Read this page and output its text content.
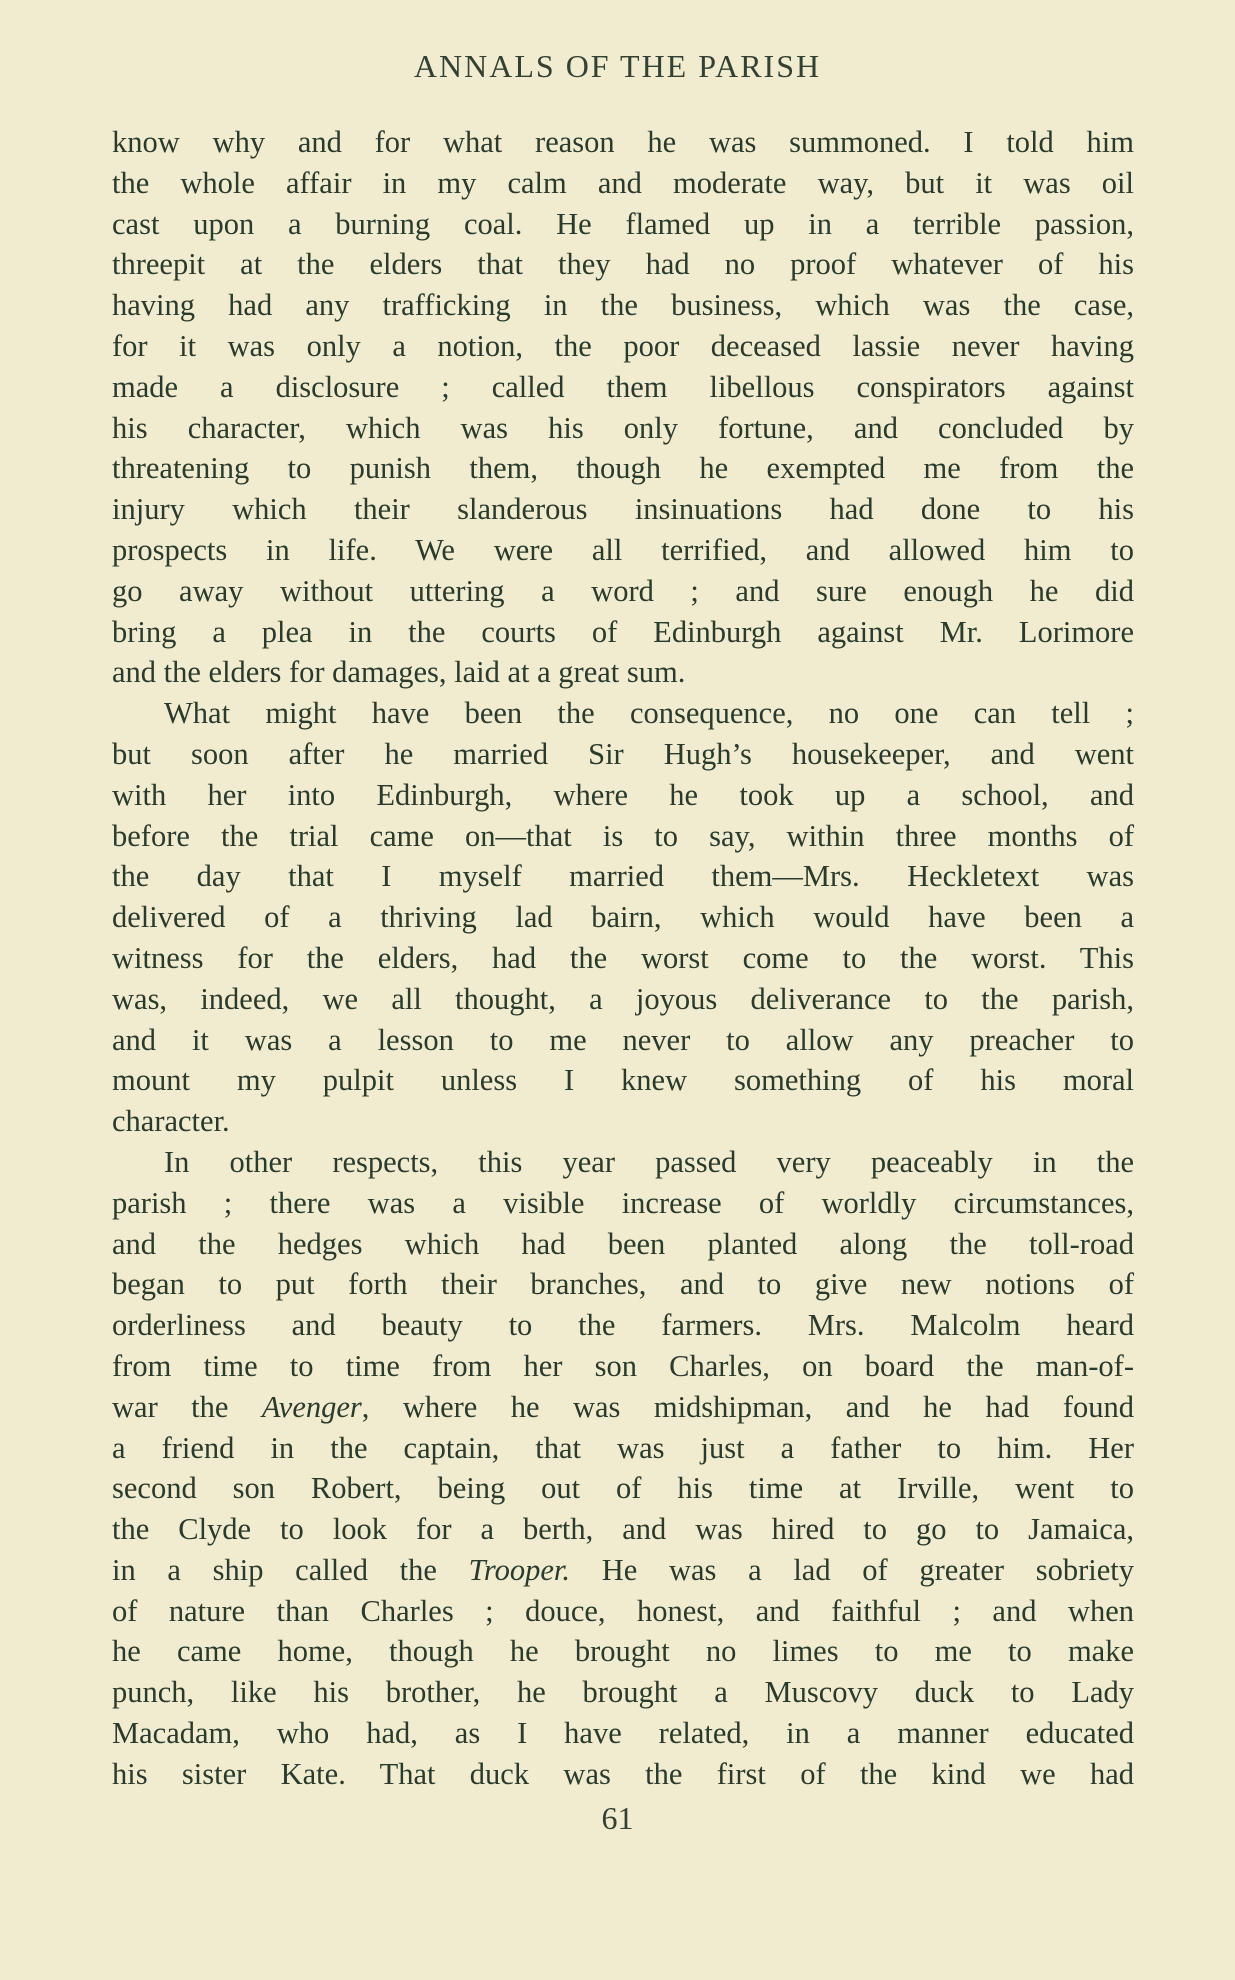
ANNALS OF THE PARISH
know why and for what reason he was summoned. I told him
the whole affair in my calm and moderate way, but it was oil
cast upon a burning coal. He flamed up in a terrible passion,
threepit at the elders that they had no proof whatever of his
having had any trafficking in the business, which was the case,
for it was only a notion, the poor deceased lassie never having
made a disclosure ; called them libellous conspirators against
his character, which was his only fortune, and concluded by
threatening to punish them, though he exempted me from the
injury which their slanderous insinuations had done to his
prospects in life. We were all terrified, and allowed him to
go away without uttering a word ; and sure enough he did
bring a plea in the courts of Edinburgh against Mr. Lorimore
and the elders for damages, laid at a great sum.
What might have been the consequence, no one can tell ;
but soon after he married Sir Hugh’s housekeeper, and went
with her into Edinburgh, where he took up a school, and
before the trial came on—that is to say, within three months of
the day that I myself married them—Mrs. Heckletext was
delivered of a thriving lad bairn, which would have been a
witness for the elders, had the worst come to the worst. This
was, indeed, we all thought, a joyous deliverance to the parish,
and it was a lesson to me never to allow any preacher to
mount my pulpit unless I knew something of his moral
character.
In other respects, this year passed very peaceably in the
parish ; there was a visible increase of worldly circumstances,
and the hedges which had been planted along the toll-road
began to put forth their branches, and to give new notions of
orderliness and beauty to the farmers. Mrs. Malcolm heard
from time to time from her son Charles, on board the man-of-
war the Avenger, where he was midshipman, and he had found
a friend in the captain, that was just a father to him. Her
second son Robert, being out of his time at Irville, went to
the Clyde to look for a berth, and was hired to go to Jamaica,
in a ship called the Trooper. He was a lad of greater sobriety
of nature than Charles ; douce, honest, and faithful ; and when
he came home, though he brought no limes to me to make
punch, like his brother, he brought a Muscovy duck to Lady
Macadam, who had, as I have related, in a manner educated
his sister Kate. That duck was the first of the kind we had
61
